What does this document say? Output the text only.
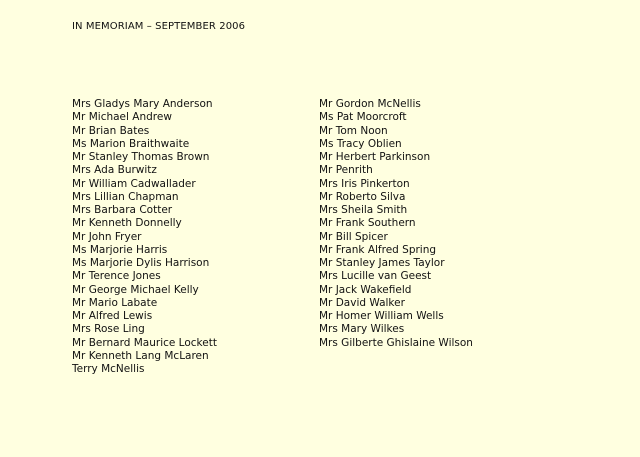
IN MEMORIAM – SEPTEMBER 2006
Mrs Gladys Mary Anderson
Mr Michael Andrew
Mr Brian Bates
Ms Marion Braithwaite
Mr Stanley Thomas Brown
Mrs Ada Burwitz
Mr William Cadwallader
Mrs Lillian Chapman
Mrs Barbara Cotter
Mr Kenneth Donnelly
Mr John Fryer
Ms Marjorie Harris
Ms Marjorie Dylis Harrison
Mr Terence Jones
Mr George Michael Kelly
Mr Mario Labate
Mr Alfred Lewis
Mrs Rose Ling
Mr Bernard Maurice Lockett
Mr Kenneth Lang McLaren
Terry McNellis
Mr Gordon McNellis
Ms Pat Moorcroft
Mr Tom Noon
Ms Tracy Oblien
Mr Herbert Parkinson
Mr Penrith
Mrs Iris Pinkerton
Mr Roberto Silva
Mrs Sheila Smith
Mr Frank Southern
Mr Bill Spicer
Mr Frank Alfred Spring
Mr Stanley James Taylor
Mrs Lucille van Geest
Mr Jack Wakefield
Mr David Walker
Mr Homer William Wells
Mrs Mary Wilkes
Mrs Gilberte Ghislaine Wilson
